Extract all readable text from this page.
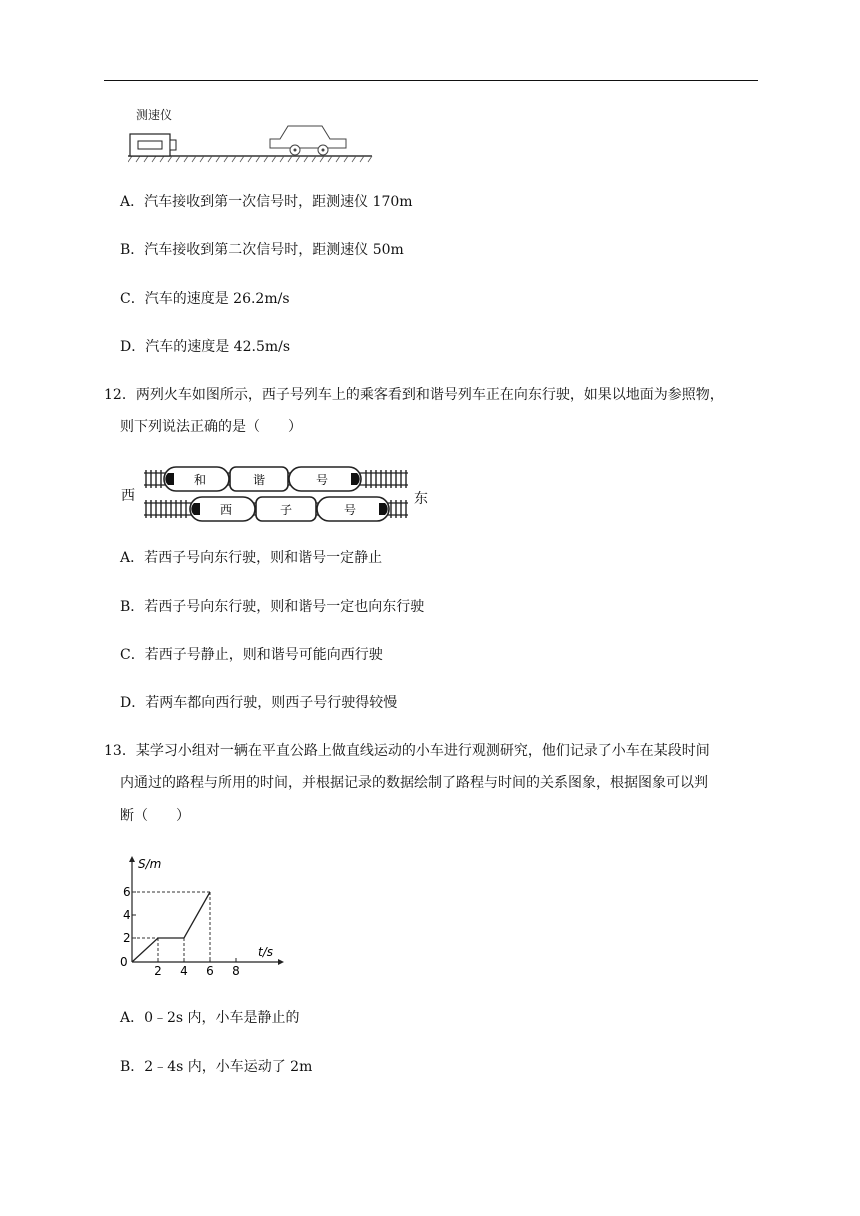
测速仪
A．汽车接收到第一次信号时，距测速仪 170m
B．汽车接收到第二次信号时，距测速仪 50m
C．汽车的速度是 26.2m/s
D．汽车的速度是 42.5m/s
12．两列火车如图所示，西子号列车上的乘客看到和谐号列车正在向东行驶，如果以地面为参照物，
则下列说法正确的是（　　）
西	东
和	谐	号
西	子	号
A．若西子号向东行驶，则和谐号一定静止
B．若西子号向东行驶，则和谐号一定也向东行驶
C．若西子号静止，则和谐号可能向西行驶
D．若两车都向西行驶，则西子号行驶得较慢
13．某学习小组对一辆在平直公路上做直线运动的小车进行观测研究，他们记录了小车在某段时间
内通过的路程与所用的时间，并根据记录的数据绘制了路程与时间的关系图象，根据图象可以判
断（　　）
S/m
t/s
0
2 4 6 8
2
4
6
A．0﹣2s 内，小车是静止的
B．2﹣4s 内，小车运动了 2m
